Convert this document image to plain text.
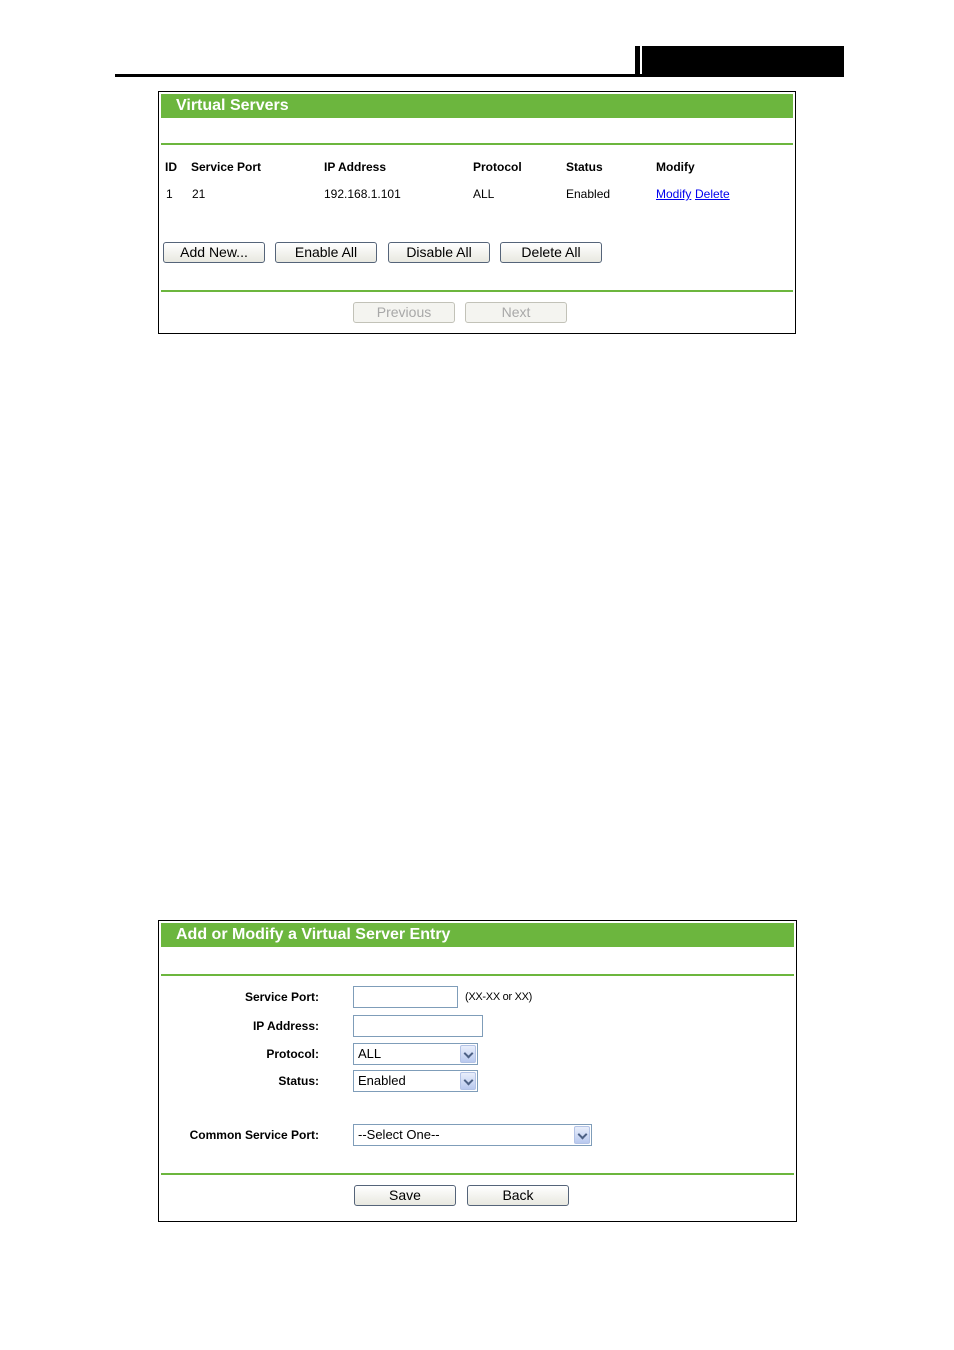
Virtual Servers
ID Service Port	IP Address	Protocol	Status	Modify
1 21	192.168.1.101	ALL	Enabled	Modify Delete
Add New...	Enable All	Disable All	Delete All
Previous	Next
Add or Modify a Virtual Server Entry
Service Port:	(XX-XX or XX)
IP Address:
Protocol:	ALL
Status:	Enabled
Common Service Port:	--Select One--
Save	Back
